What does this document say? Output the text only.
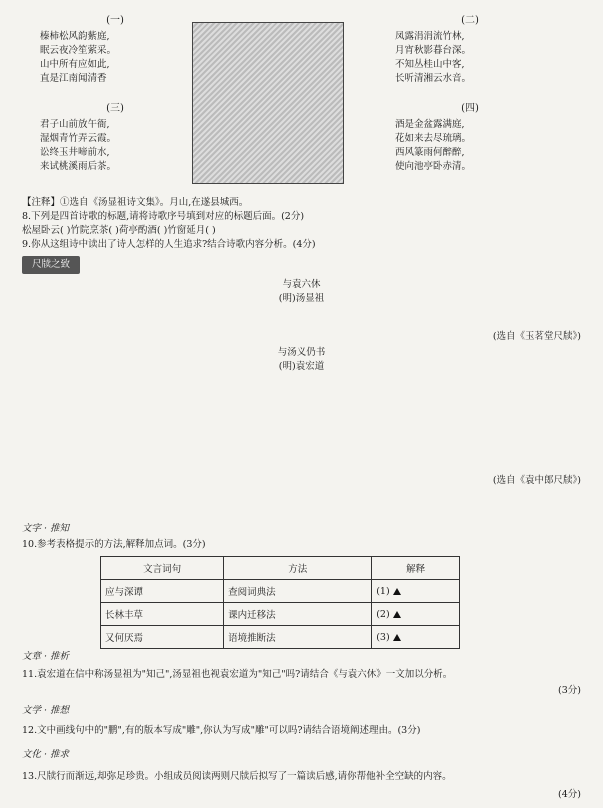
(一)
榛柿松风韵紫庭,
眠云夜冷笙萦采。
山中所有应如此,
直是江南闻清香
(二)
凤露涓涓流竹林,
月宵秋影暮台深。
不知丛桂山中客,
长听清湘云水音。
(三)
君子山前放午衙,
湿烟青竹弄云霞。
讼终玉井啼前水,
来试桃溪雨后茶。
(四)
酒是金盆露满庭,
花如来去尽琉璃。
西风篆雨何醉醉,
使向池亭卧赤清。
【注释】①选自《汤显祖诗文集》。月山,在遂县城西。
8.下列是四首诗歌的标题,请将诗歌序号填到对应的标题后面。(2分)
松屋卧云( )竹院烹茶( )荷亭酌酒( )竹窗延月( )
9.你从这组诗中读出了诗人怎样的人生追求?结合诗歌内容分析。(4分)
尺牍之致
与袁六休
(明)汤显祖
(选自《玉茗堂尺牍》)
与汤义仍书
(明)袁宏道
(选自《袁中郎尺牍》)
文字 · 推知
10.参考表格提示的方法,解释加点词。(3分)
文言词句	方法	解释
应与深谭	查阅词典法	(1)
长林丰草	课内迁移法	(2)
又何厌焉	语境推断法	(3)
文章 · 推析
11.袁宏道在信中称汤显祖为"知己",汤显祖也视袁宏道为"知己"吗?请结合《与袁六休》一文加以分析。
(3分)
文学 · 推想
12.文中画线句中的"鹏",有的版本写成"雕",你认为写成"雕"可以吗?请结合语境阐述理由。(3分)
文化 · 推求
13.尺牍行而渐远,却弥足珍贵。小组成员阅读两则尺牍后拟写了一篇读后感,请你帮他补全空缺的内容。
(4分)
